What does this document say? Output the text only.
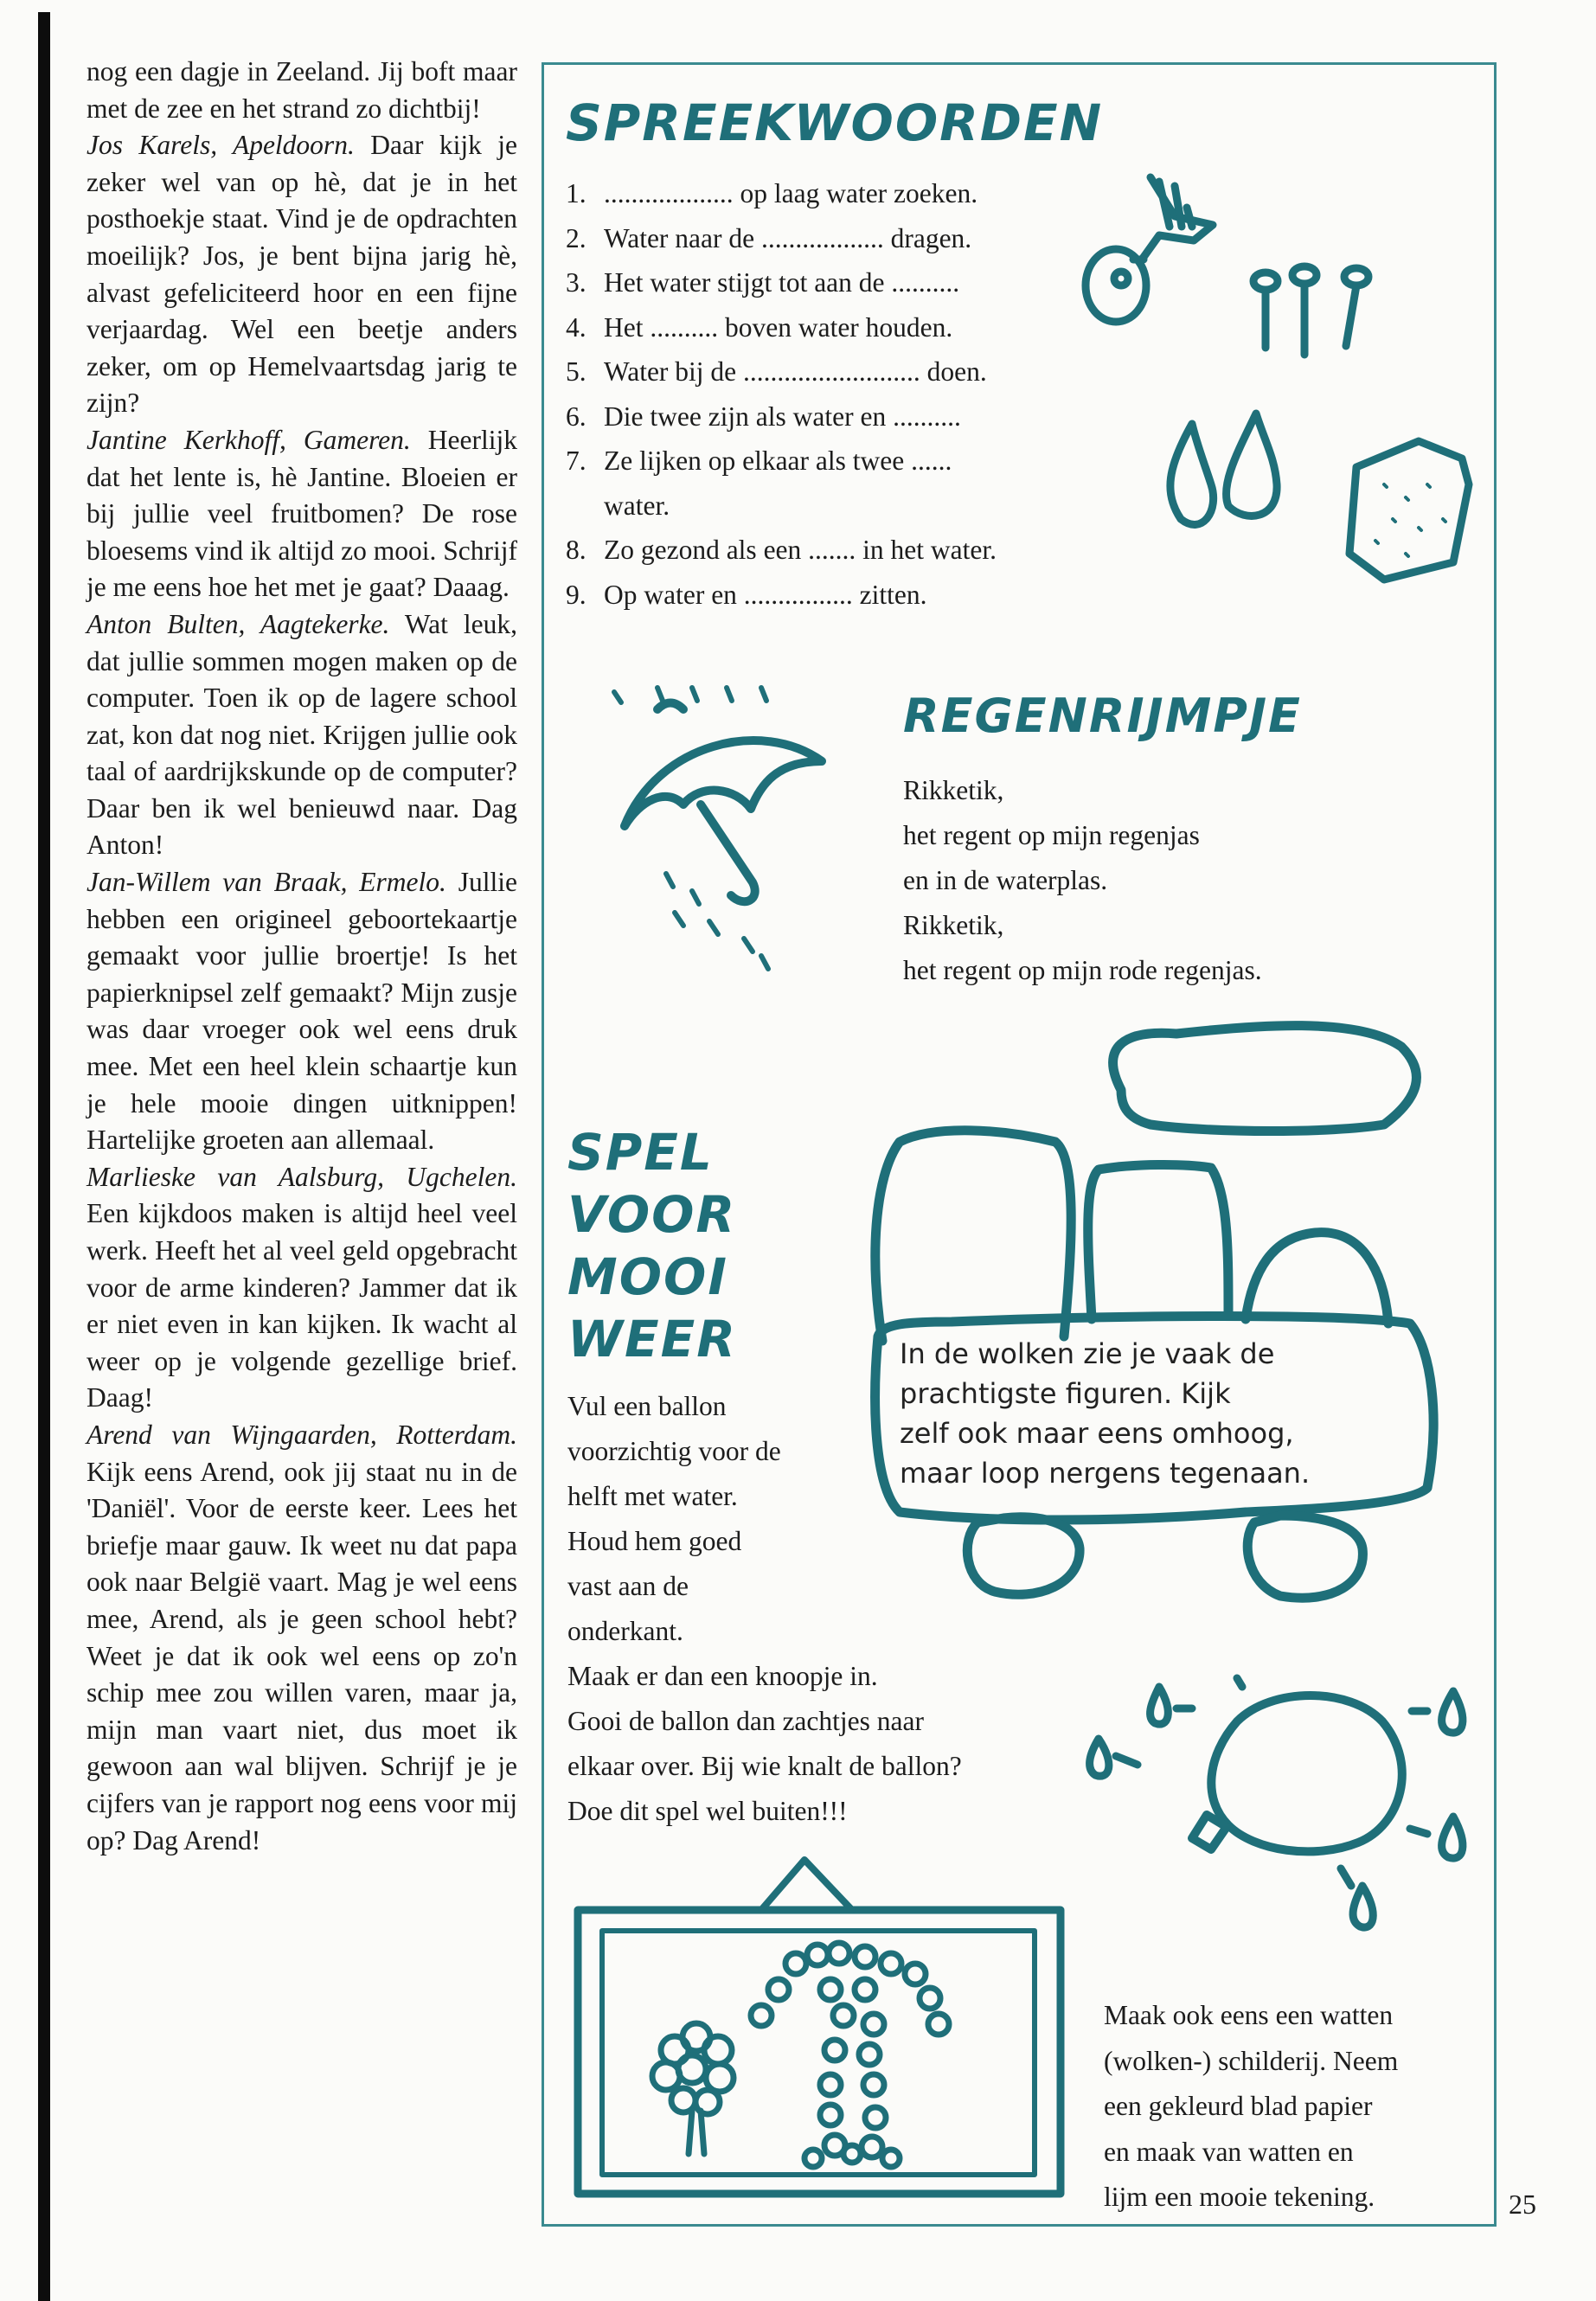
nog een dagje in Zeeland. Jij boft maar met de zee en het strand zo dichtbij!

Jos Karels, Apeldoorn. Daar kijk je zeker wel van op hè, dat je in het posthoekje staat. Vind je de opdrachten moeilijk? Jos, je bent bijna jarig hè, alvast gefeliciteerd hoor en een fijne verjaardag. Wel een beetje anders zeker, om op Hemelvaartsdag jarig te zijn?

Jantine Kerkhoff, Gameren. Heerlijk dat het lente is, hè Jantine. Bloeien er bij jullie veel fruitbomen? De rose bloesems vind ik altijd zo mooi. Schrijf je me eens hoe het met je gaat? Daaag.

Anton Bulten, Aagtekerke. Wat leuk, dat jullie sommen mogen maken op de computer. Toen ik op de lagere school zat, kon dat nog niet. Krijgen jullie ook taal of aardrijkskunde op de computer? Daar ben ik wel benieuwd naar. Dag Anton!

Jan-Willem van Braak, Ermelo. Jullie hebben een origineel geboortekaartje gemaakt voor jullie broertje! Is het papierknipsel zelf gemaakt? Mijn zusje was daar vroeger ook wel eens druk mee. Met een heel klein schaartje kun je hele mooie dingen uitknippen! Hartelijke groeten aan allemaal.

Marlieske van Aalsburg, Ugchelen. Een kijkdoos maken is altijd heel veel werk. Heeft het al veel geld opgebracht voor de arme kinderen? Jammer dat ik er niet even in kan kijken. Ik wacht al weer op je volgende gezellige brief. Daag!

Arend van Wijngaarden, Rotterdam. Kijk eens Arend, ook jij staat nu in de 'Daniël'. Voor de eerste keer. Lees het briefje maar gauw. Ik weet nu dat papa ook naar België vaart. Mag je wel eens mee, Arend, als je geen school hebt? Weet je dat ik ook wel eens op zo'n schip mee zou willen varen, maar ja, mijn man vaart niet, dus moet ik gewoon aan wal blijven. Schrijf je je cijfers van je rapport nog eens voor mij op? Dag Arend!

SPREEKWOORDEN
1. ................... op laag water zoeken.
2. Water naar de .................. dragen.
3. Het water stijgt tot aan de ..........
4. Het .......... boven water houden.
5. Water bij de .......................... doen.
6. Die twee zijn als water en ..........
7. Ze lijken op elkaar als twee ......
water.
8. Zo gezond als een ....... in het water.
9. Op water en ................ zitten.
REGENRIJMPJE
Rikketik,
het regent op mijn regenjas
en in de waterplas.
Rikketik,
het regent op mijn rode regenjas.
SPEL
VOOR
MOOI
WEER
Vul een ballon
voorzichtig voor de
helft met water.
Houd hem goed
vast aan de
onderkant.
Maak er dan een knoopje in.
Gooi de ballon dan zachtjes naar
elkaar over. Bij wie knalt de ballon?
Doe dit spel wel buiten!!!
In de wolken zie je vaak de
prachtigste figuren. Kijk
zelf ook maar eens omhoog,
maar loop nergens tegenaan.
Maak ook eens een watten
(wolken-) schilderij. Neem
een gekleurd blad papier
en maak van watten en
lijm een mooie tekening.	25
